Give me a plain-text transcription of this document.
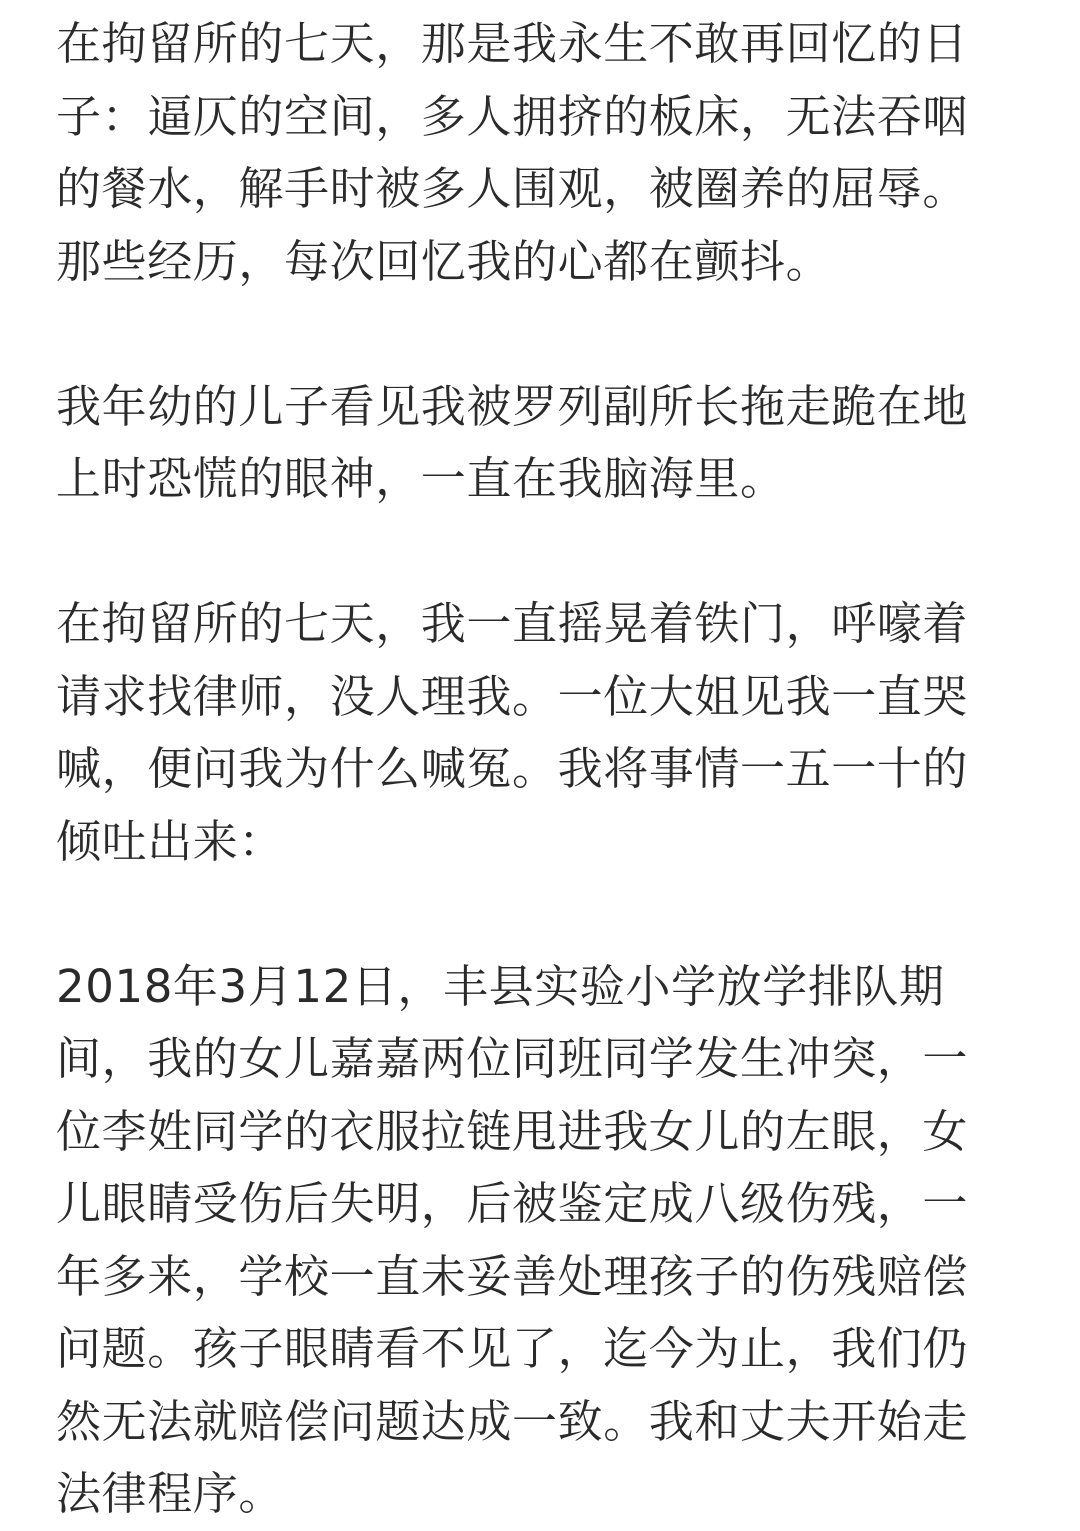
在拘留所的七天，那是我永生不敢再回忆的日
子：逼仄的空间，多人拥挤的板床，无法吞咽
的餐水，解手时被多人围观，被圈养的屈辱。
那些经历，每次回忆我的心都在颤抖。
我年幼的儿子看见我被罗列副所长拖走跪在地
上时恐慌的眼神，一直在我脑海里。
在拘留所的七天，我一直摇晃着铁门，呼嚎着
请求找律师，没人理我。一位大姐见我一直哭
喊，便问我为什么喊冤。我将事情一五一十的
倾吐出来：
2018年3月12日，丰县实验小学放学排队期
间，我的女儿嘉嘉两位同班同学发生冲突，一
位李姓同学的衣服拉链甩进我女儿的左眼，女
儿眼睛受伤后失明，后被鉴定成八级伤残，一
年多来，学校一直未妥善处理孩子的伤残赔偿
问题。孩子眼睛看不见了，迄今为止，我们仍
然无法就赔偿问题达成一致。我和丈夫开始走
法律程序。
